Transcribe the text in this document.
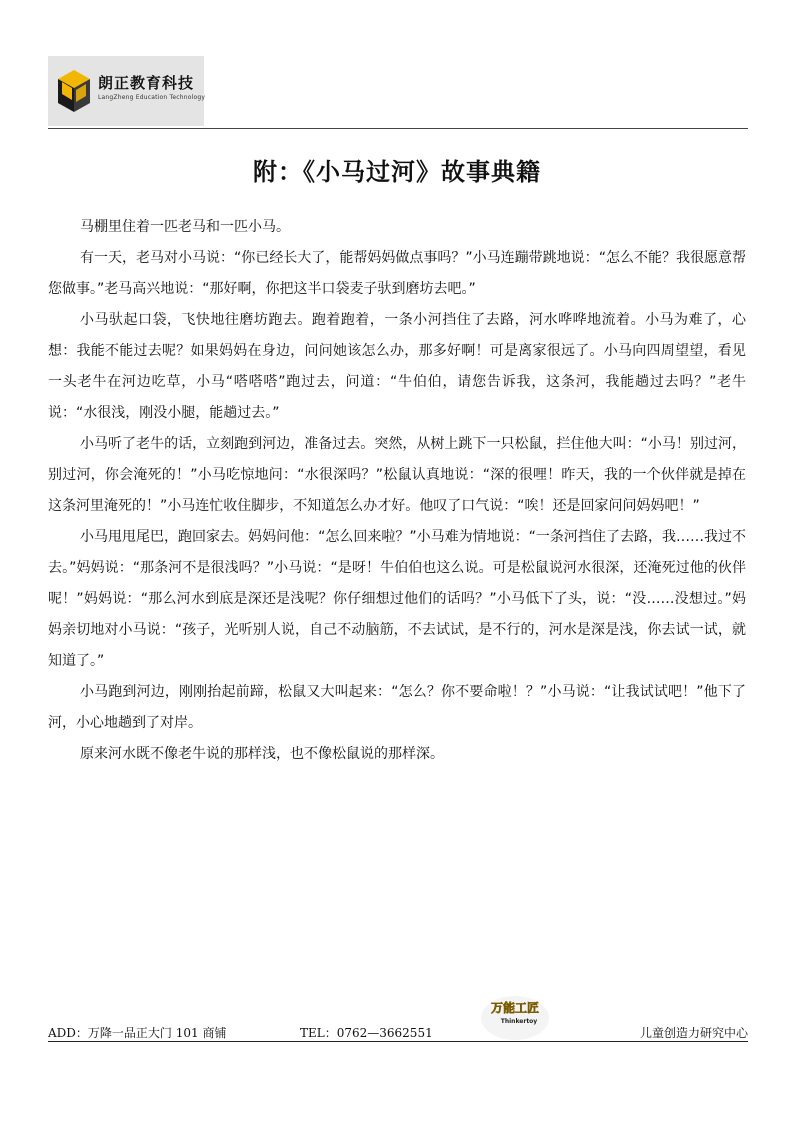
朗正教育科技
LangZheng Education Technology
附：《小马过河》故事典籍

马棚里住着一匹老马和一匹小马。

有一天，老马对小马说：“你已经长大了，能帮妈妈做点事吗？”小马连蹦带跳地说：“怎么不能？我很愿意帮您做事。”老马高兴地说：“那好啊，你把这半口袋麦子驮到磨坊去吧。”

小马驮起口袋，飞快地往磨坊跑去。跑着跑着，一条小河挡住了去路，河水哗哗地流着。小马为难了，心想：我能不能过去呢？如果妈妈在身边，问问她该怎么办，那多好啊！可是离家很远了。小马向四周望望，看见一头老牛在河边吃草，小马“嗒嗒嗒”跑过去，问道：“牛伯伯，请您告诉我，这条河，我能趟过去吗？”老牛说：“水很浅，刚没小腿，能趟过去。”

小马听了老牛的话，立刻跑到河边，准备过去。突然，从树上跳下一只松鼠，拦住他大叫：“小马！别过河，别过河，你会淹死的！”小马吃惊地问：“水很深吗？”松鼠认真地说：“深的很哩！昨天，我的一个伙伴就是掉在这条河里淹死的！”小马连忙收住脚步，不知道怎么办才好。他叹了口气说：“唉！还是回家问问妈妈吧！”

小马甩甩尾巴，跑回家去。妈妈问他：“怎么回来啦？”小马难为情地说：“一条河挡住了去路，我……我过不去。”妈妈说：“那条河不是很浅吗？”小马说：“是呀！牛伯伯也这么说。可是松鼠说河水很深，还淹死过他的伙伴呢！”妈妈说：“那么河水到底是深还是浅呢？你仔细想过他们的话吗？”小马低下了头，说：“没……没想过。”妈妈亲切地对小马说：“孩子，光听别人说，自己不动脑筋，不去试试，是不行的，河水是深是浅，你去试一试，就知道了。”

小马跑到河边，刚刚抬起前蹄，松鼠又大叫起来：“怎么？你不要命啦！？”小马说：“让我试试吧！”他下了河，小心地趟到了对岸。

原来河水既不像老牛说的那样浅，也不像松鼠说的那样深。

万能工匠
Thinkertoy
ADD：万降一品正大门 101 商铺	TEL：0762—3662551	儿童创造力研究中心
